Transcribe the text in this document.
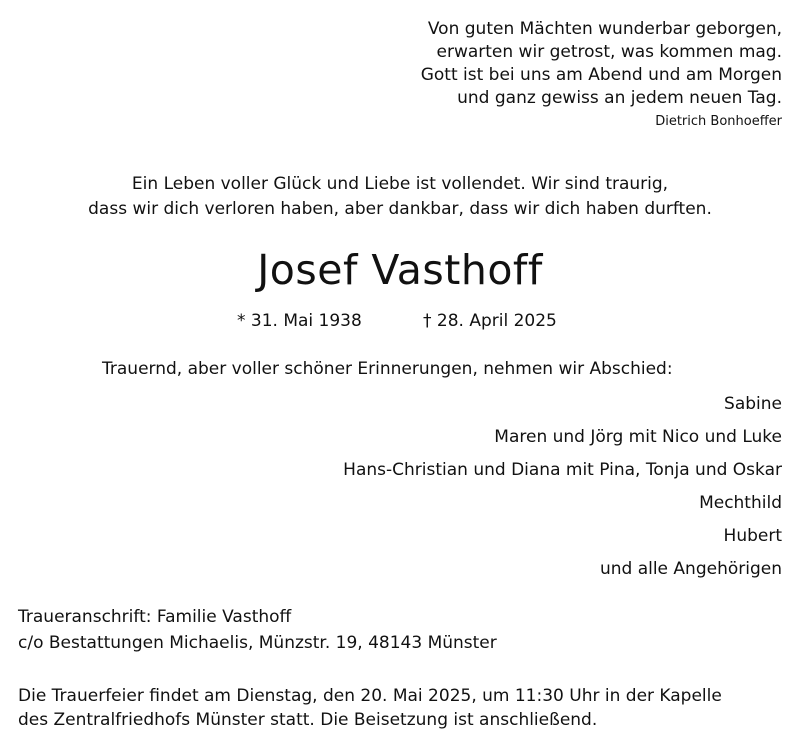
Von guten Mächten wunderbar geborgen,
erwarten wir getrost, was kommen mag.
Gott ist bei uns am Abend und am Morgen
und ganz gewiss an jedem neuen Tag.
Dietrich Bonhoeffer
Ein Leben voller Glück und Liebe ist vollendet. Wir sind traurig,
dass wir dich verloren haben, aber dankbar, dass wir dich haben durften.
Josef Vasthoff
* 31. Mai 1938	† 28. April 2025
Trauernd, aber voller schöner Erinnerungen, nehmen wir Abschied:
Sabine
Maren und Jörg mit Nico und Luke
Hans-Christian und Diana mit Pina, Tonja und Oskar
Mechthild
Hubert
und alle Angehörigen
Traueranschrift: Familie Vasthoff
c/o Bestattungen Michaelis, Münzstr. 19, 48143 Münster
Die Trauerfeier findet am Dienstag, den 20. Mai 2025, um 11:30 Uhr in der Kapelle
des Zentralfriedhofs Münster statt. Die Beisetzung ist anschließend.
